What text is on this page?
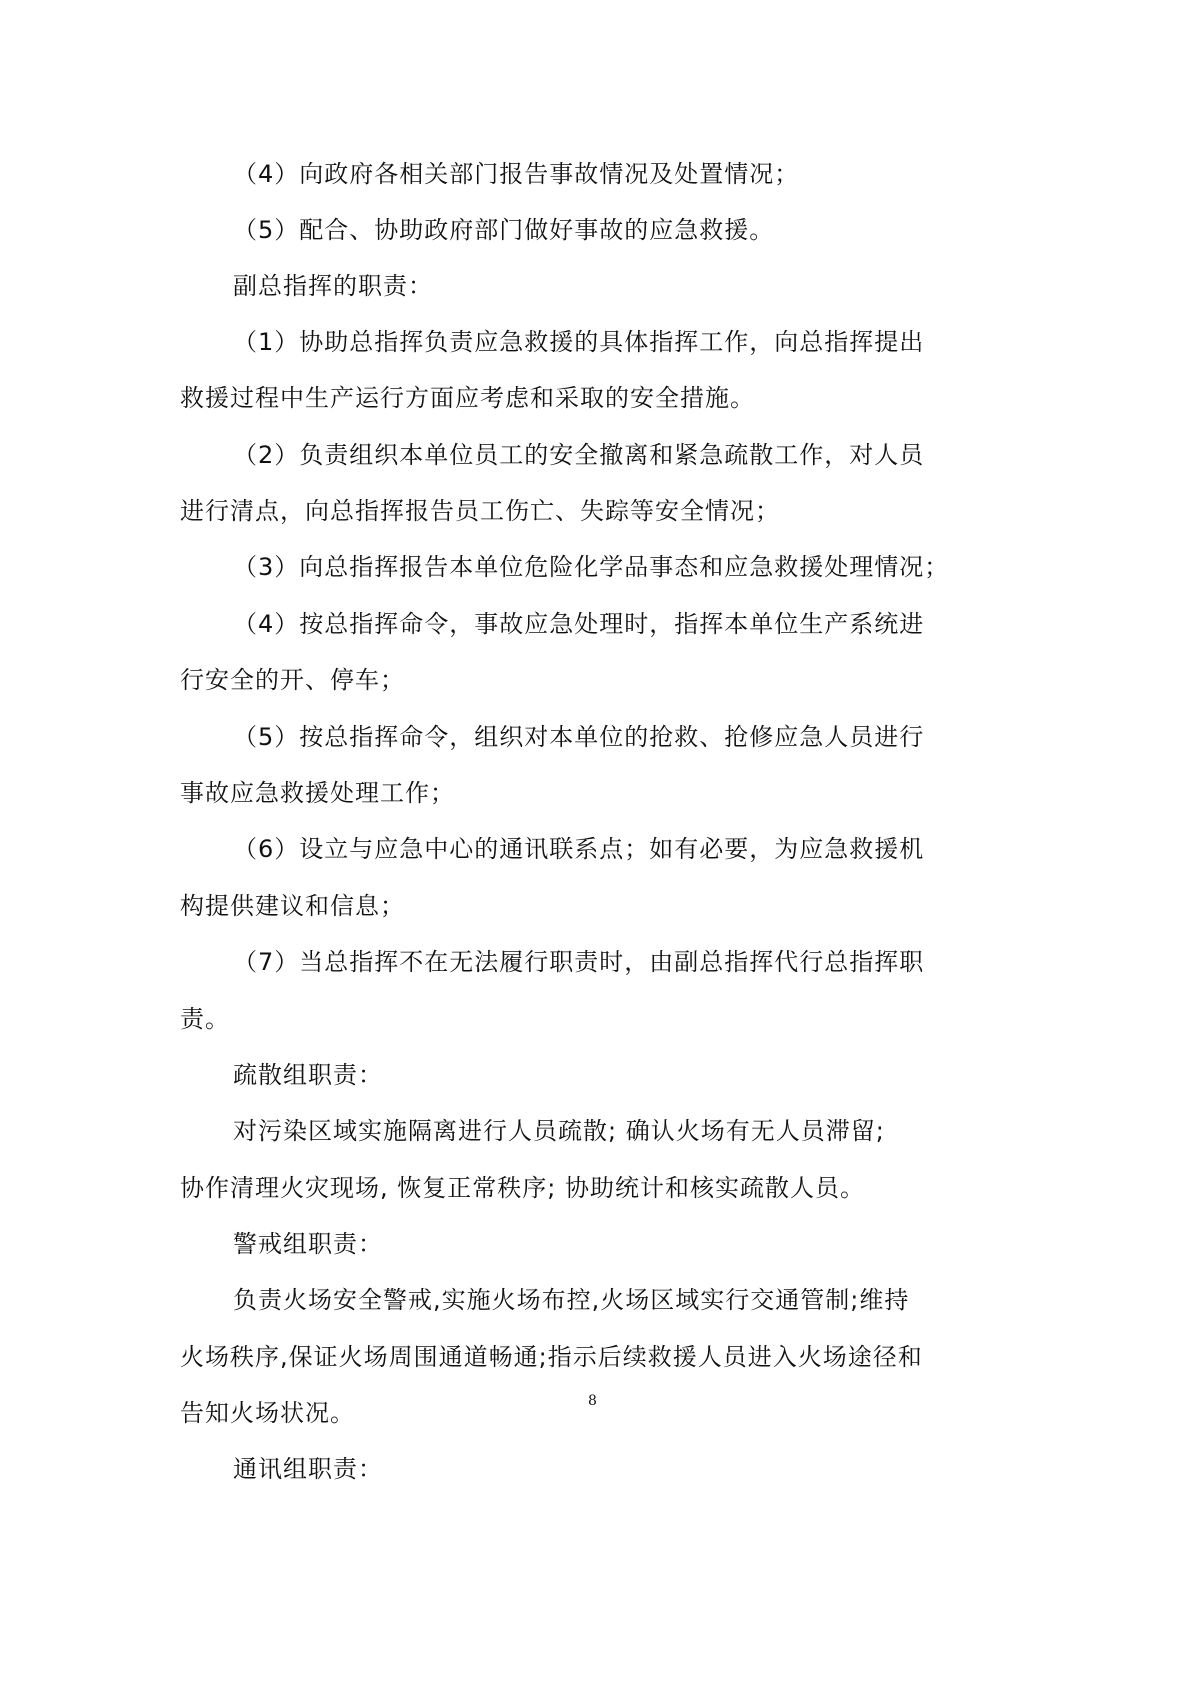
（4）向政府各相关部门报告事故情况及处置情况；
（5）配合、协助政府部门做好事故的应急救援。
副总指挥的职责：
（1）协助总指挥负责应急救援的具体指挥工作，向总指挥提出
救援过程中生产运行方面应考虑和采取的安全措施。
（2）负责组织本单位员工的安全撤离和紧急疏散工作，对人员
进行清点，向总指挥报告员工伤亡、失踪等安全情况；
（3）向总指挥报告本单位危险化学品事态和应急救援处理情况；
（4）按总指挥命令，事故应急处理时，指挥本单位生产系统进
行安全的开、停车；
（5）按总指挥命令，组织对本单位的抢救、抢修应急人员进行
事故应急救援处理工作；
（6）设立与应急中心的通讯联系点；如有必要，为应急救援机
构提供建议和信息；
（7）当总指挥不在无法履行职责时，由副总指挥代行总指挥职
责。
疏散组职责：
对污染区域实施隔离进行人员疏散; 确认火场有无人员滞留;
协作清理火灾现场, 恢复正常秩序; 协助统计和核实疏散人员。
警戒组职责：
负责火场安全警戒,实施火场布控,火场区域实行交通管制;维持
火场秩序,保证火场周围通道畅通;指示后续救援人员进入火场途径和
告知火场状况。	8
通讯组职责：
